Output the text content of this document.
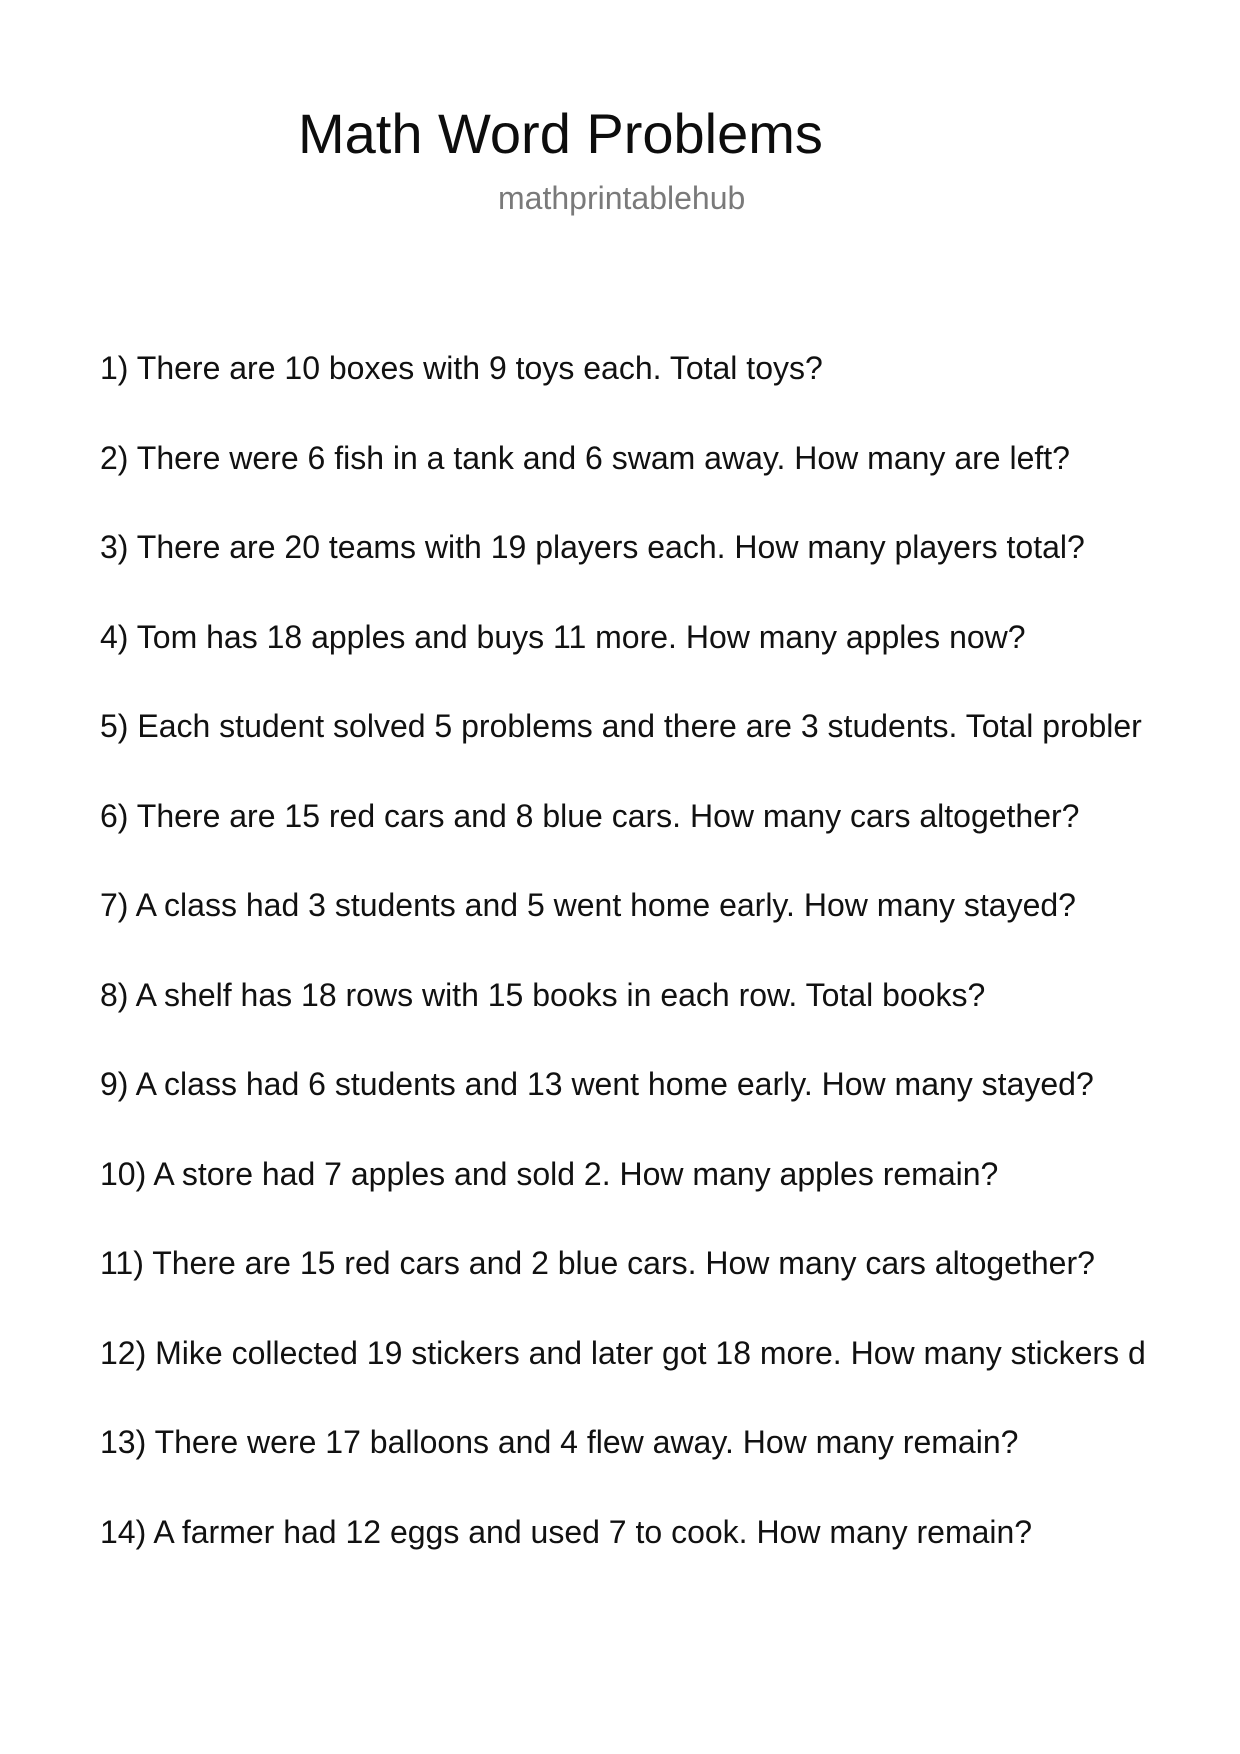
Math Word Problems
mathprintablehub
1) There are 10 boxes with 9 toys each. Total toys?
2) There were 6 fish in a tank and 6 swam away. How many are left?
3) There are 20 teams with 19 players each. How many players total?
4) Tom has 18 apples and buys 11 more. How many apples now?
5) Each student solved 5 problems and there are 3 students. Total probler
6) There are 15 red cars and 8 blue cars. How many cars altogether?
7) A class had 3 students and 5 went home early. How many stayed?
8) A shelf has 18 rows with 15 books in each row. Total books?
9) A class had 6 students and 13 went home early. How many stayed?
10) A store had 7 apples and sold 2. How many apples remain?
11) There are 15 red cars and 2 blue cars. How many cars altogether?
12) Mike collected 19 stickers and later got 18 more. How many stickers d
13) There were 17 balloons and 4 flew away. How many remain?
14) A farmer had 12 eggs and used 7 to cook. How many remain?
